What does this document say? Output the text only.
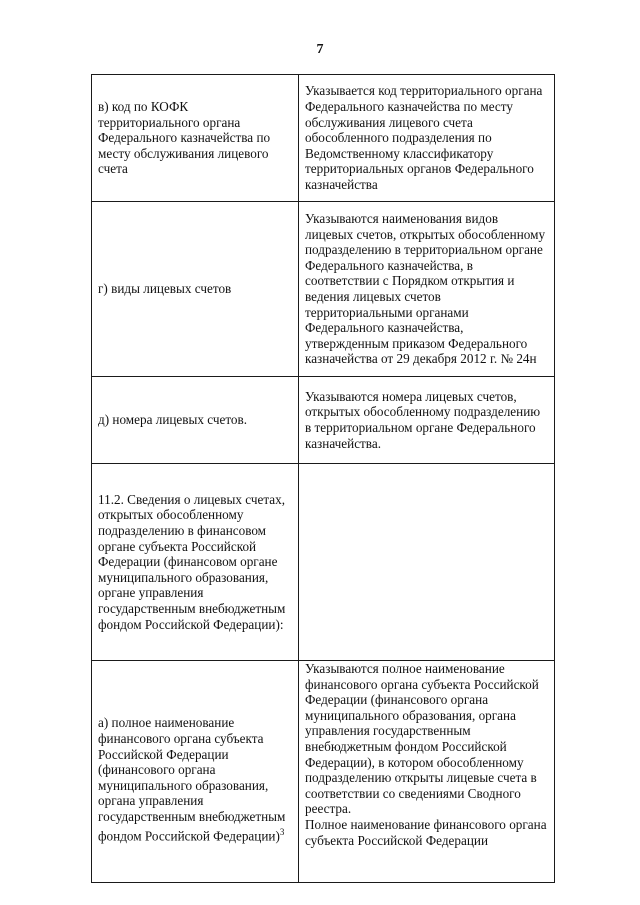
7
в) код по КОФК территориального органа Федерального казначейства по месту обслуживания лицевого счета	Указывается код территориального органа Федерального казначейства по месту обслуживания лицевого счета обособленного подразделения по Ведомственному классификатору территориальных органов Федерального казначейства
г) виды лицевых счетов	Указываются наименования видов лицевых счетов, открытых обособленному подразделению в территориальном органе Федерального казначейства, в соответствии с Порядком открытия и ведения лицевых счетов территориальными органами Федерального казначейства, утвержденным приказом Федерального казначейства от 29 декабря 2012 г. № 24н
д) номера лицевых счетов.	Указываются номера лицевых счетов, открытых обособленному подразделению в территориальном органе Федерального казначейства.
11.2. Сведения о лицевых счетах, открытых обособленному подразделению в финансовом органе субъекта Российской Федерации (финансовом органе муниципального образования, органе управления государственным внебюджетным фондом Российской Федерации):	
а) полное наименование финансового органа субъекта Российской Федерации (финансового органа муниципального образования, органа управления государственным внебюджетным фондом Российской Федерации)$^3$	Указываются полное наименование финансового органа субъекта Российской Федерации (финансового органа муниципального образования, органа управления государственным внебюджетным фондом Российской Федерации), в котором обособленному подразделению открыты лицевые счета в соответствии со сведениями Сводного реестра.
Полное наименование финансового органа субъекта Российской Федерации
